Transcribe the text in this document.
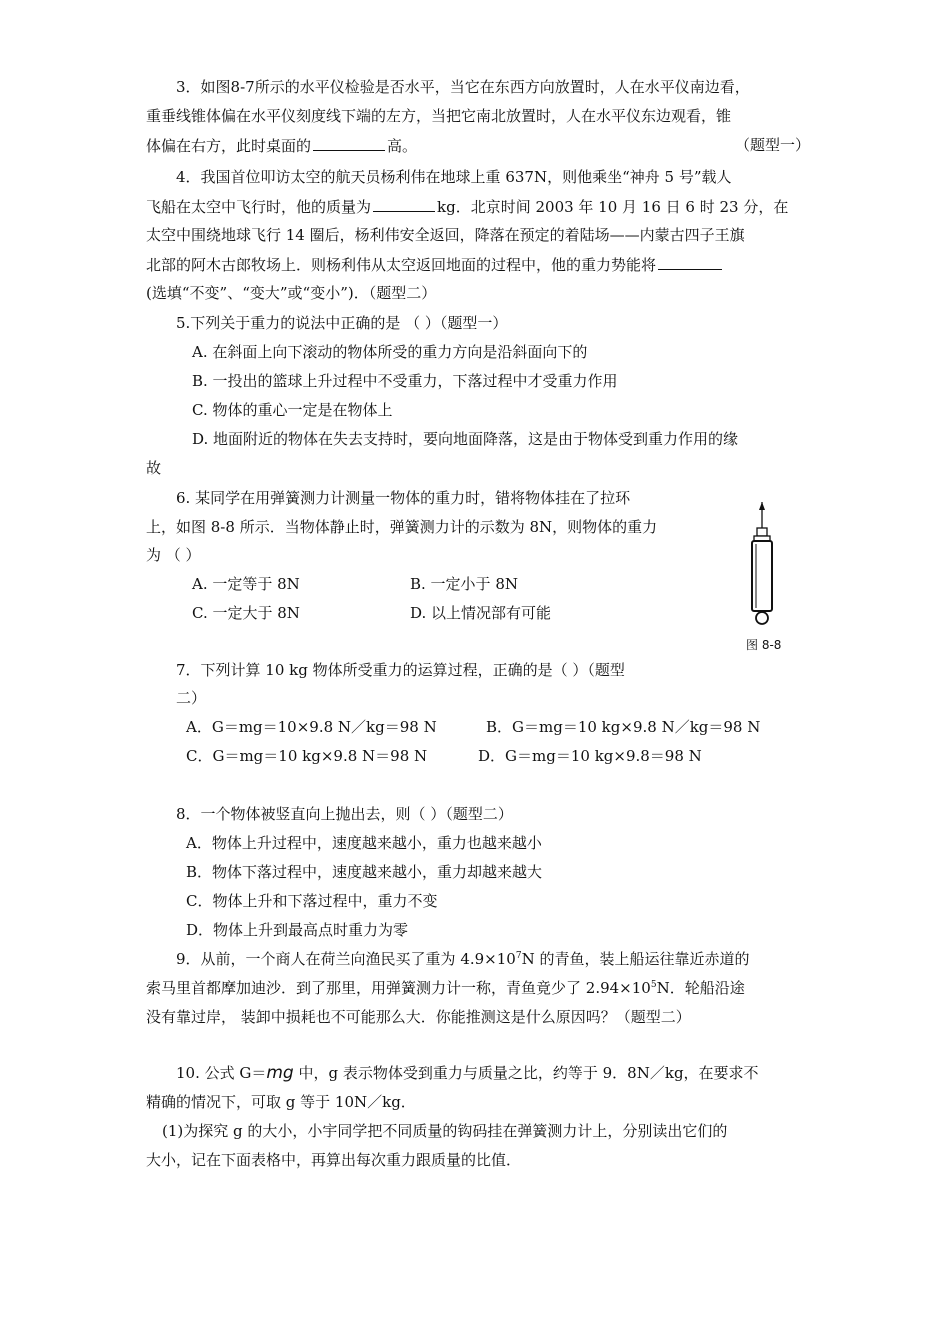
3．如图8-7所示的水平仪检验是否水平，当它在东西方向放置时，人在水平仪南边看，
重垂线锥体偏在水平仪刻度线下端的左方，当把它南北放置时，人在水平仪东边观看，锥
体偏在右方，此时桌面的	高。	（题型一）
4．我国首位叩访太空的航天员杨利伟在地球上重 637N，则他乘坐“神舟 5 号”载人
飞船在太空中飞行时，他的质量为	kg．北京时间 2003 年 10 月 16 日 6 时 23 分，在
太空中围绕地球飞行 14 圈后，杨利伟安全返回，降落在预定的着陆场——内蒙古四子王旗
北部的阿木古郎牧场上．则杨利伟从太空返回地面的过程中，他的重力势能将
(选填“不变”、“变大”或“变小”)．（题型二）
5.下列关于重力的说法中正确的是 （ ）（题型一）
A. 在斜面上向下滚动的物体所受的重力方向是沿斜面向下的
B. 一投出的篮球上升过程中不受重力，下落过程中才受重力作用
C. 物体的重心一定是在物体上
D. 地面附近的物体在失去支持时，要向地面降落，这是由于物体受到重力作用的缘
故
6. 某同学在用弹簧测力计测量一物体的重力时，错将物体挂在了拉环
上，如图 8-8 所示．当物体静止时，弹簧测力计的示数为 8N，则物体的重力
为 （ ）
A. 一定等于 8N	B. 一定小于 8N
C. 一定大于 8N	D. 以上情况部有可能
图 8-8
7．下列计算 10 kg 物体所受重力的运算过程，正确的是（ ）（题型
二）
A．G＝mg＝10×9.8 N／kg＝98 N	B．G＝mg＝10 kg×9.8 N／kg＝98 N
C．G＝mg＝10 kg×9.8 N＝98 N	D．G＝mg＝10 kg×9.8＝98 N
8．一个物体被竖直向上抛出去，则（ ）（题型二）
A．物体上升过程中，速度越来越小，重力也越来越小
B．物体下落过程中，速度越来越小，重力却越来越大
C．物体上升和下落过程中，重力不变
D．物体上升到最高点时重力为零
9．从前，一个商人在荷兰向渔民买了重为 $4.9\times 10^7N$ 的青鱼，装上船运往靠近赤道的
索马里首都摩加迪沙．到了那里，用弹簧测力计一称，青鱼竟少了 $2.94\times 10^5N$．轮船沿途
没有靠过岸， 装卸中损耗也不可能那么大．你能推测这是什么原因吗？（题型二）
10. 公式 G＝mg 中，g 表示物体受到重力与质量之比，约等于 9．8N／kg，在要求不
精确的情况下，可取 g 等于 10N／kg．
(1)为探究 g 的大小，小宇同学把不同质量的钩码挂在弹簧测力计上，分别读出它们的
大小，记在下面表格中，再算出每次重力跟质量的比值．
